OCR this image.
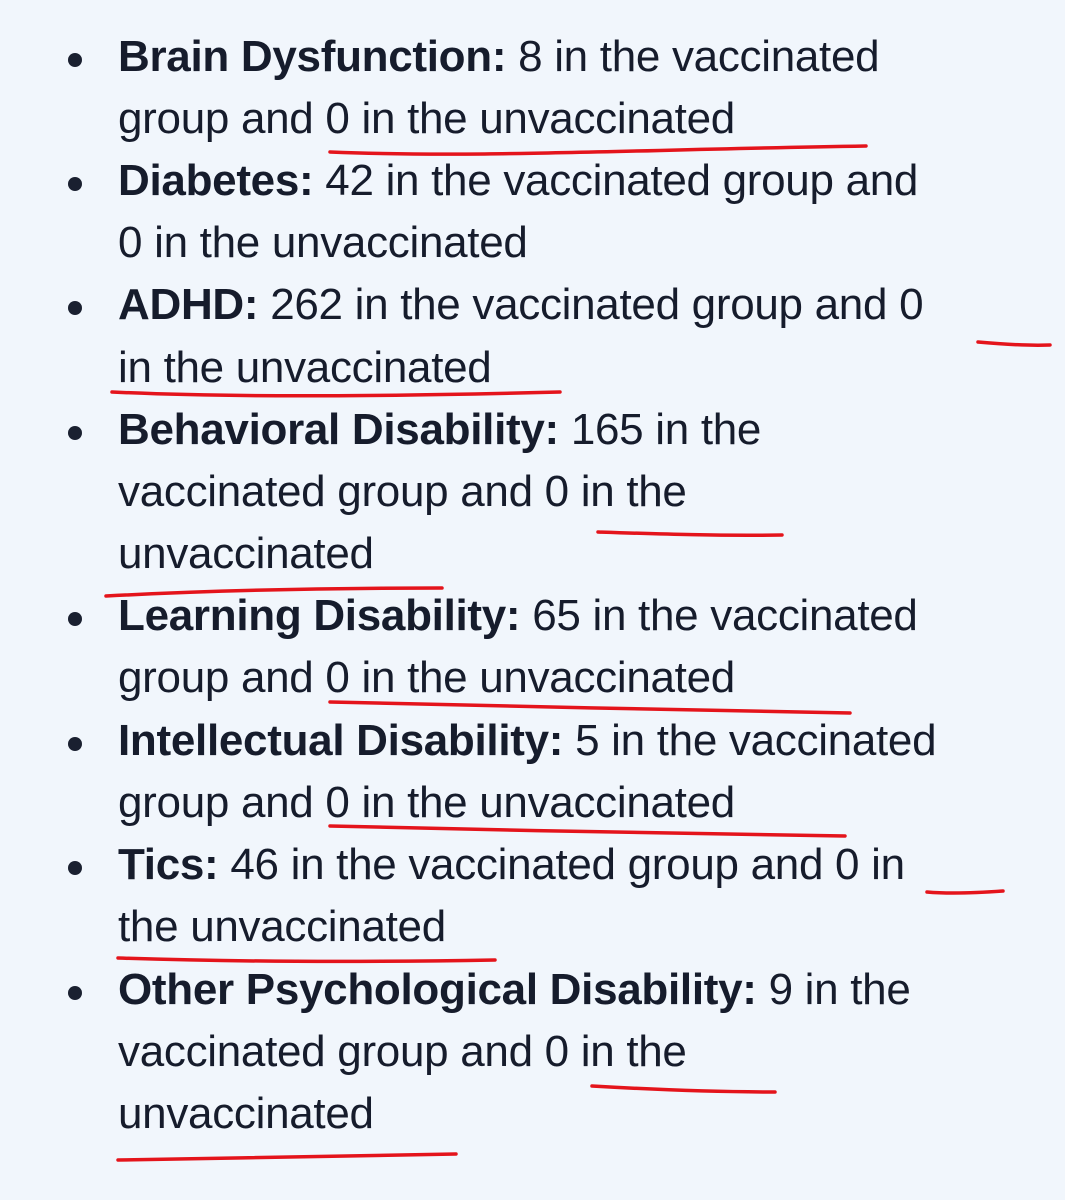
Brain Dysfunction: 8 in the vaccinated
group and 0 in the unvaccinated
Diabetes: 42 in the vaccinated group and
0 in the unvaccinated
ADHD: 262 in the vaccinated group and 0
in the unvaccinated
Behavioral Disability: 165 in the
vaccinated group and 0 in the
unvaccinated
Learning Disability: 65 in the vaccinated
group and 0 in the unvaccinated
Intellectual Disability: 5 in the vaccinated
group and 0 in the unvaccinated
Tics: 46 in the vaccinated group and 0 in
the unvaccinated
Other Psychological Disability: 9 in the
vaccinated group and 0 in the
unvaccinated
